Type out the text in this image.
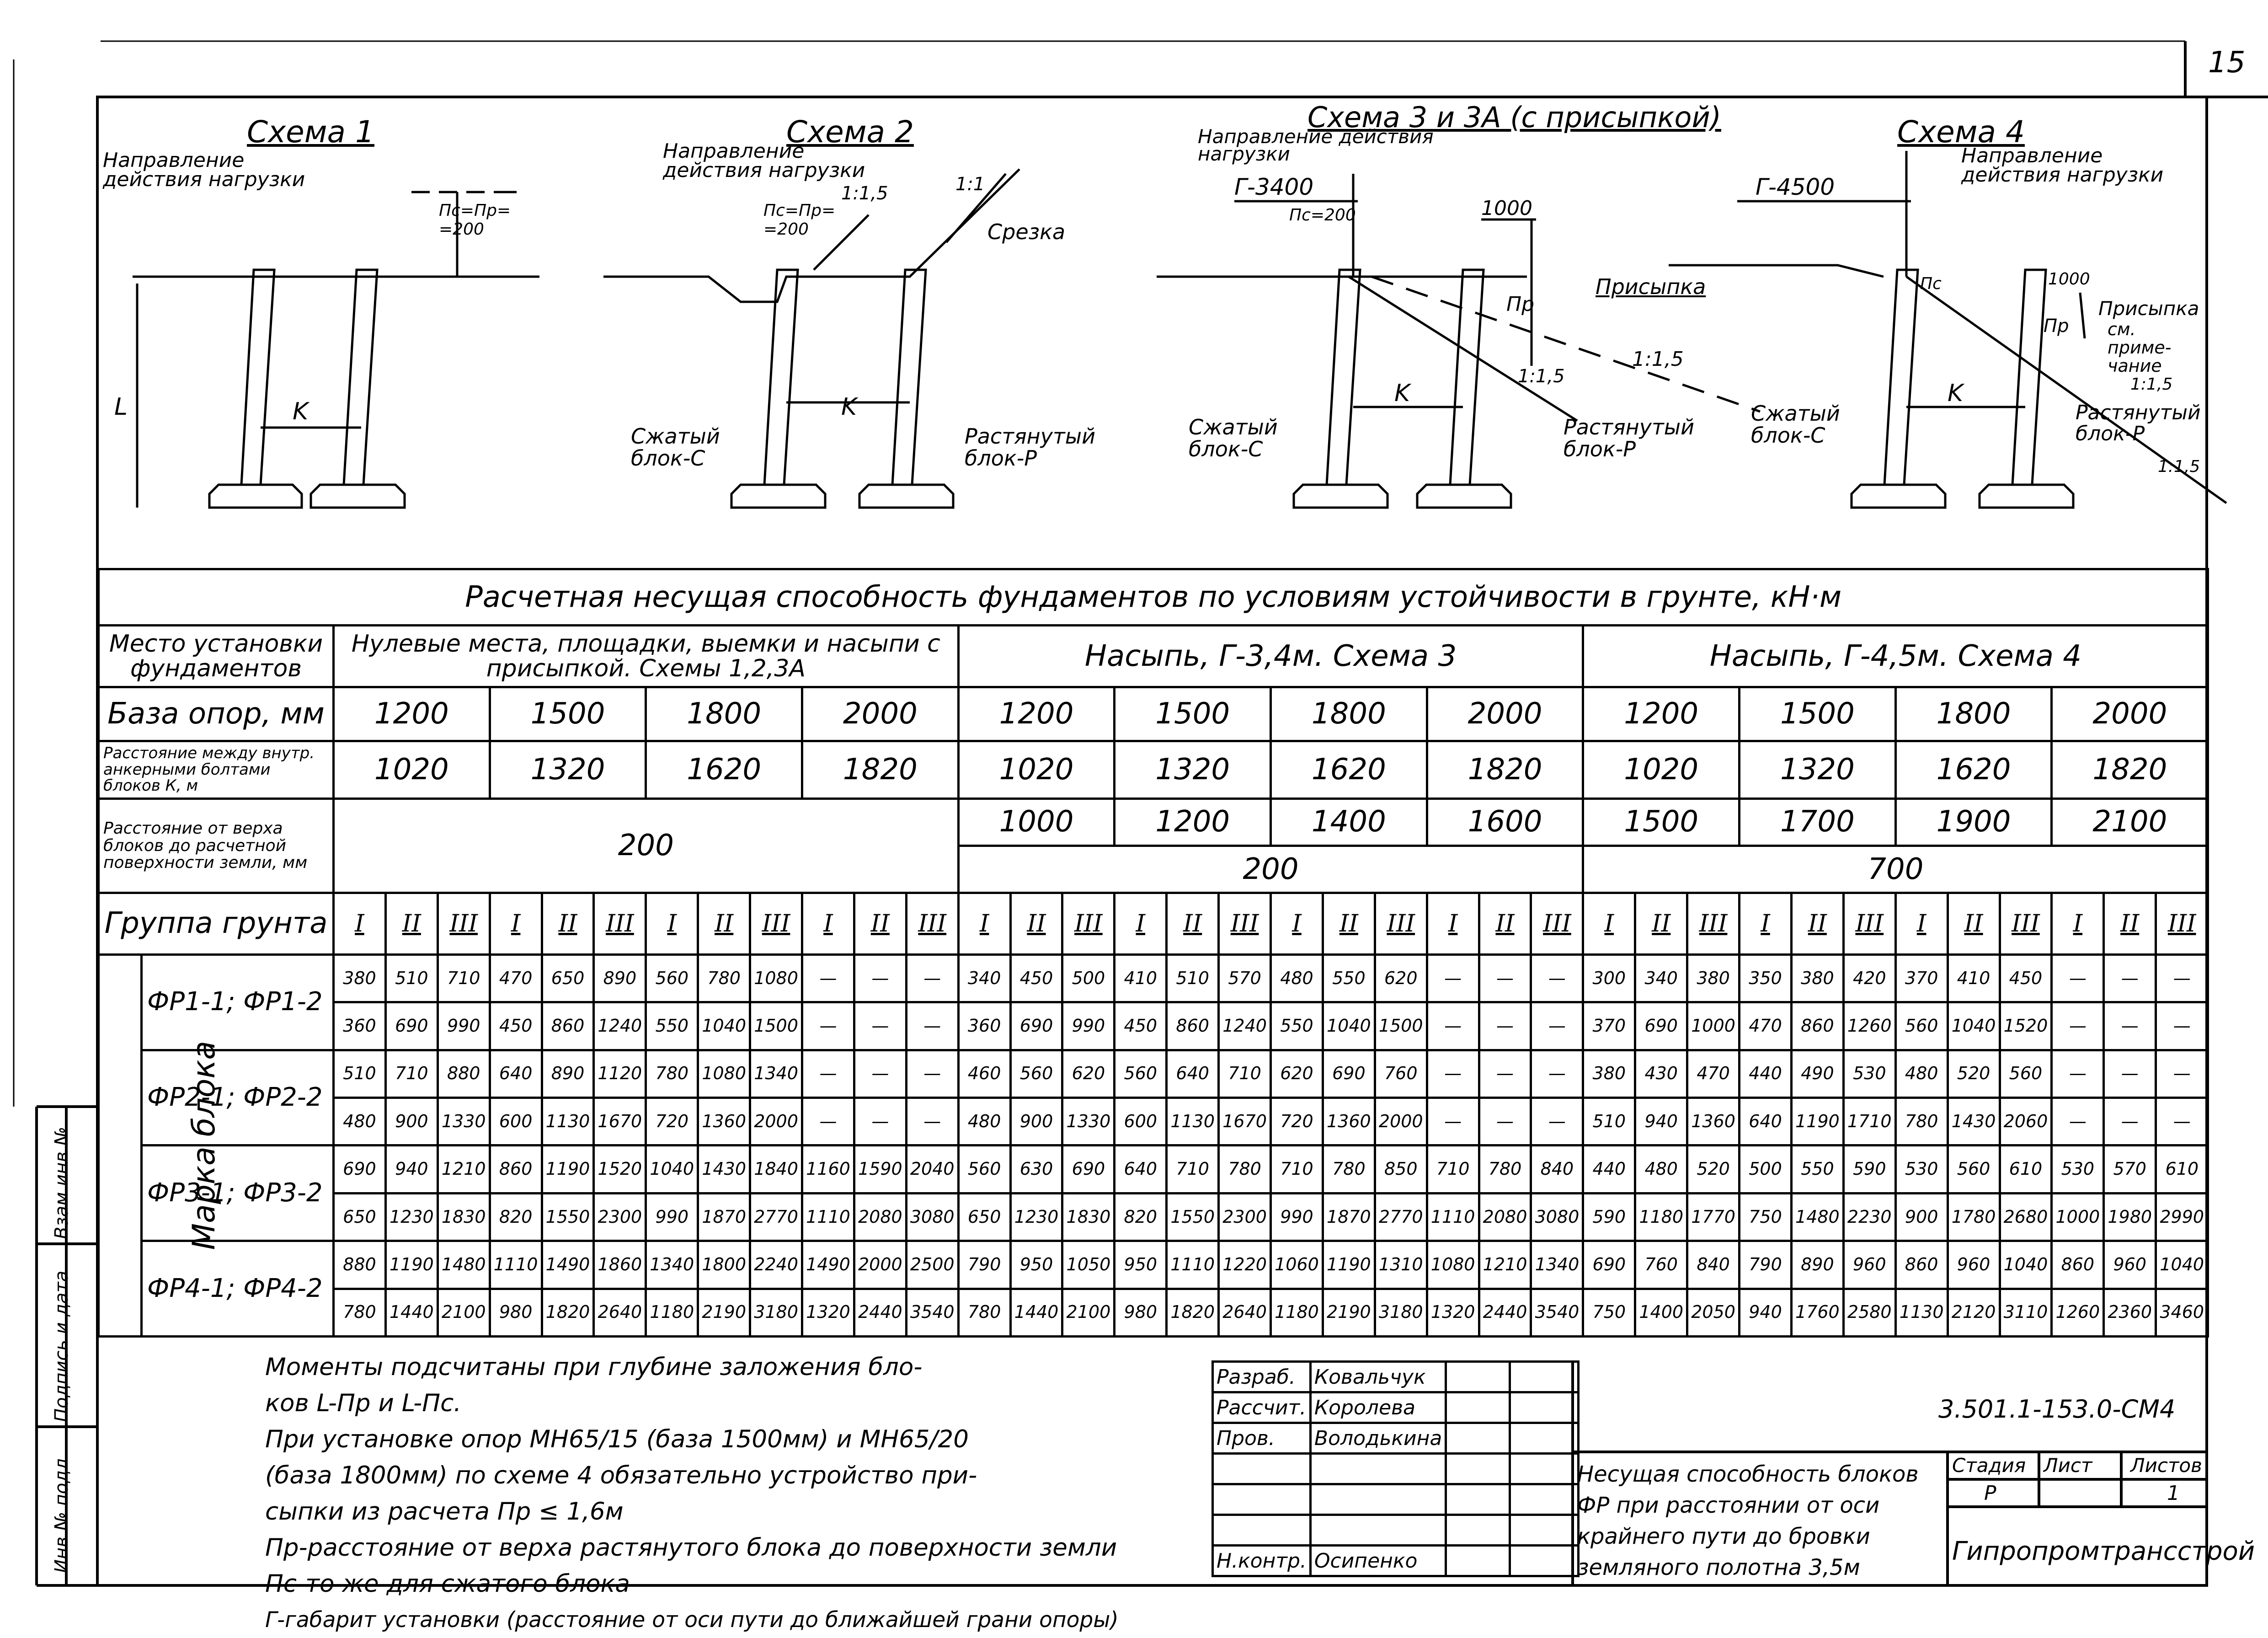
15
Инв.№ подл.
Подпись и дата
Взам.инв.№
Схема 1
Направление действия нагрузки
Пс=Пр= =200
L	K
Схема 2
Направление действия нагрузки
Пс=Пр= =200
1:1,5	1:1
Срезка
K
Сжатый блок-С
Растянутый блок-Р
Схема 3 и 3А (с присыпкой)
Направление действия нагрузки
Г-3400
Пс=200	1000
Пр
Присыпка
1:1,5
1:1,5
K
Сжатый блок-С
Растянутый блок-Р
Схема 4
Направление действия нагрузки
Г-4500
Пс	1000
Пр
Присыпка
см. приме- чание
1:1,5
1:1,5
K
Сжатый блок-С
Растянутый блок-Р
Расчетная несущая способность фундаментов по условиям устойчивости в грунте, кН·м																																					
Место установки фундаментов		Нулевые места, площадки, выемки и насыпи с присыпкой. Схемы 1,2,3А												Насыпь, Г-3,4м. Схема 3												Насыпь, Г-4,5м. Схема 4											
База опор, мм		1200			1500			1800			2000			1200			1500			1800			2000			1200			1500			1800			2000		
Расстояние между внутр. анкерными болтами блоков К, м		1020			1320			1620			1820			1020			1320			1620			1820			1020			1320			1620			1820		
Расстояние от верха блоков до расчетной поверхности земли, мм		200												1000			1200			1400			1600			1500			1700			1900			2100		
														200												700											
Группа грунта		I	II	III	I	II	III	I	II	III	I	II	III	I	II	III	I	II	III	I	II	III	I	II	III	I	II	III	I	II	III	I	II	III	I	II	III
Марка блока	ФР1-1; ФР1-2	380	510	710	470	650	890	560	780	1080	—	—	—	340	450	500	410	510	570	480	550	620	—	—	—	300	340	380	350	380	420	370	410	450	—	—	—
		360	690	990	450	860	1240	550	1040	1500	—	—	—	360	690	990	450	860	1240	550	1040	1500	—	—	—	370	690	1000	470	860	1260	560	1040	1520	—	—	—

	ФР2-1; ФР2-2	510	710	880	640	890	1120	780	1080	1340	—	—	—	460	560	620	560	640	710	620	690	760	—	—	—	380	430	470	440	490	530	480	520	560	—	—	—
		480	900	1330	600	1130	1670	720	1360	2000	—	—	—	480	900	1330	600	1130	1670	720	1360	2000	—	—	—	510	940	1360	640	1190	1710	780	1430	2060	—	—	—

	ФР3-1; ФР3-2	690	940	1210	860	1190	1520	1040	1430	1840	1160	1590	2040	560	630	690	640	710	780	710	780	850	710	780	840	440	480	520	500	550	590	530	560	610	530	570	610
		650	1230	1830	820	1550	2300	990	1870	2770	1110	2080	3080	650	1230	1830	820	1550	2300	990	1870	2770	1110	2080	3080	590	1180	1770	750	1480	2230	900	1780	2680	1000	1980	2990

	ФР4-1; ФР4-2	880	1190	1480	1110	1490	1860	1340	1800	2240	1490	2000	2500	790	950	1050	950	1110	1220	1060	1190	1310	1080	1210	1340	690	760	840	790	890	960	860	960	1040	860	960	1040
		780	1440	2100	980	1820	2640	1180	2190	3180	1320	2440	3540	780	1440	2100	980	1820	2640	1180	2190	3180	1320	2440	3540	750	1400	2050	940	1760	2580	1130	2120	3110	1260	2360	3460
Моменты подсчитаны при глубине заложения бло-
ков L-Пр и L-Пс.
При установке опор МН65/15 (база 1500мм) и МН65/20
(база 1800мм) по схеме 4 обязательно устройство при-
сыпки из расчета Пр ≤ 1,6м
Пр-расстояние от верха растянутого блока до поверхности земли
Пс-то же для сжатого блока
Г-габарит установки (расстояние от оси пути до ближайшей грани опоры)
Разраб.	Ковальчук		
Рассчит.	Королева		
Пров.	Володькина		

Н.контр.	Осипенко		
3.501.1-153.0-СМ4
Несущая способность блоков ФР при расстоянии от оси крайнего пути до бровки земляного полотна 3,5м
Стадия Лист Листов
Р	1
Гипропромтрансстрой
